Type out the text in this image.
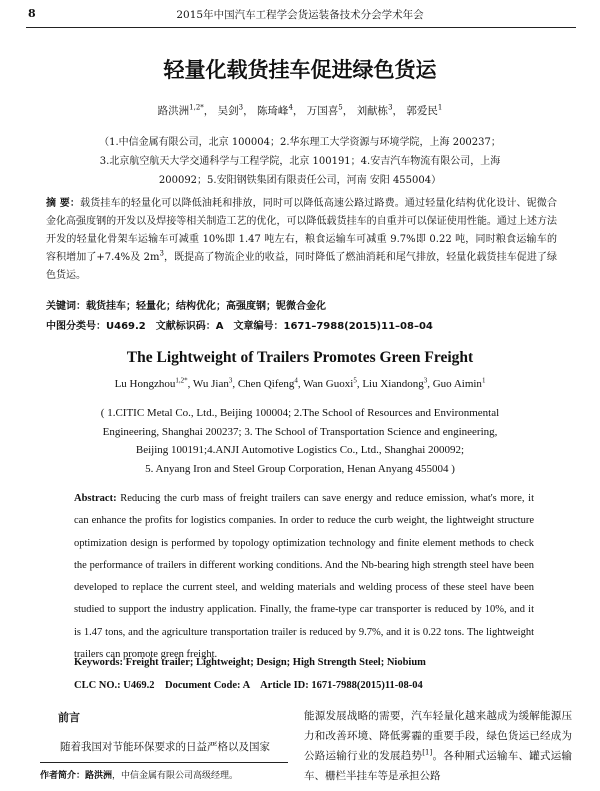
8	2015年中国汽车工程学会货运装备技术分会学术年会
轻量化载货挂车促进绿色货运
路洪洲$^{1,2*}$， 吴剑$^3$， 陈琦峰$^4$， 万国喜$^5$， 刘献栋$^3$， 郭爱民$^1$
（1.中信金属有限公司，北京 100004；2.华东理工大学资源与环境学院，上海 200237；
3.北京航空航天大学交通科学与工程学院，北京 100191；4.安吉汽车物流有限公司，上海
200092；5.安阳钢铁集团有限责任公司，河南 安阳 455004）
摘 要：载货挂车的轻量化可以降低油耗和排放，同时可以降低高速公路过路费。通过轻量化结构优化设计、铌微合金化高强度钢的开发以及焊接等相关制造工艺的优化，可以降低载货挂车的自重并可以保证使用性能。通过上述方法开发的轻量化骨架车运输车可减重 10%即 1.47 吨左右，粮食运输车可减重 9.7%即 0.22 吨，同时粮食运输车的容积增加了+7.4%及 $2m^3$，既提高了物流企业的收益，同时降低了燃油消耗和尾气排放，轻量化载货挂车促进了绿色货运。
关键词：载货挂车；轻量化；结构优化；高强度钢；铌微合金化
中图分类号：U469.2　文献标识码：A　文章编号：1671–7988(2015)11–08–04
The Lightweight of Trailers Promotes Green Freight
Lu Hongzhou$^{1,2*}$, Wu Jian$^3$, Chen Qifeng$^4$, Wan Guoxi$^5$, Liu Xiandong$^3$, Guo Aimin$^1$
( 1.CITIC Metal Co., Ltd., Beijing 100004; 2.The School of Resources and Environmental
Engineering, Shanghai 200237; 3. The School of Transportation Science and engineering,
Beijing 100191;4.ANJI Automotive Logistics Co., Ltd., Shanghai 200092;
5. Anyang Iron and Steel Group Corporation, Henan Anyang 455004 )
Abstract: Reducing the curb mass of freight trailers can save energy and reduce emission, what's more, it can enhance the profits for logistics companies. In order to reduce the curb weight, the lightweight structure optimization design is performed by topology optimization technology and finite element methods to check the performance of trailers in different working conditions. And the Nb-bearing high strength steel have been developed to replace the current steel, and welding materials and welding process of these steel have been studied to support the industry application. Finally, the frame-type car transporter is reduced by 10%, and it is 1.47 tons, and the agriculture transportation trailer is reduced by 9.7%, and it is 0.22 tons. The lightweight trailers can promote green freight.
Keywords: Freight trailer; Lightweight; Design; High Strength Steel; Niobium
CLC NO.: U469.2　Document Code: A　Article ID: 1671-7988(2015)11-08-04
前言
随着我国对节能环保要求的日益严格以及国家
能源发展战略的需要，汽车轻量化越来越成为缓解能源压力和改善环境、降低雾霾的重要手段，绿色货运已经成为公路运输行业的发展趋势[1]。各种厢式运输车、罐式运输车、栅栏半挂车等是承担公路
作者简介：路洪洲，中信金属有限公司高级经理。
